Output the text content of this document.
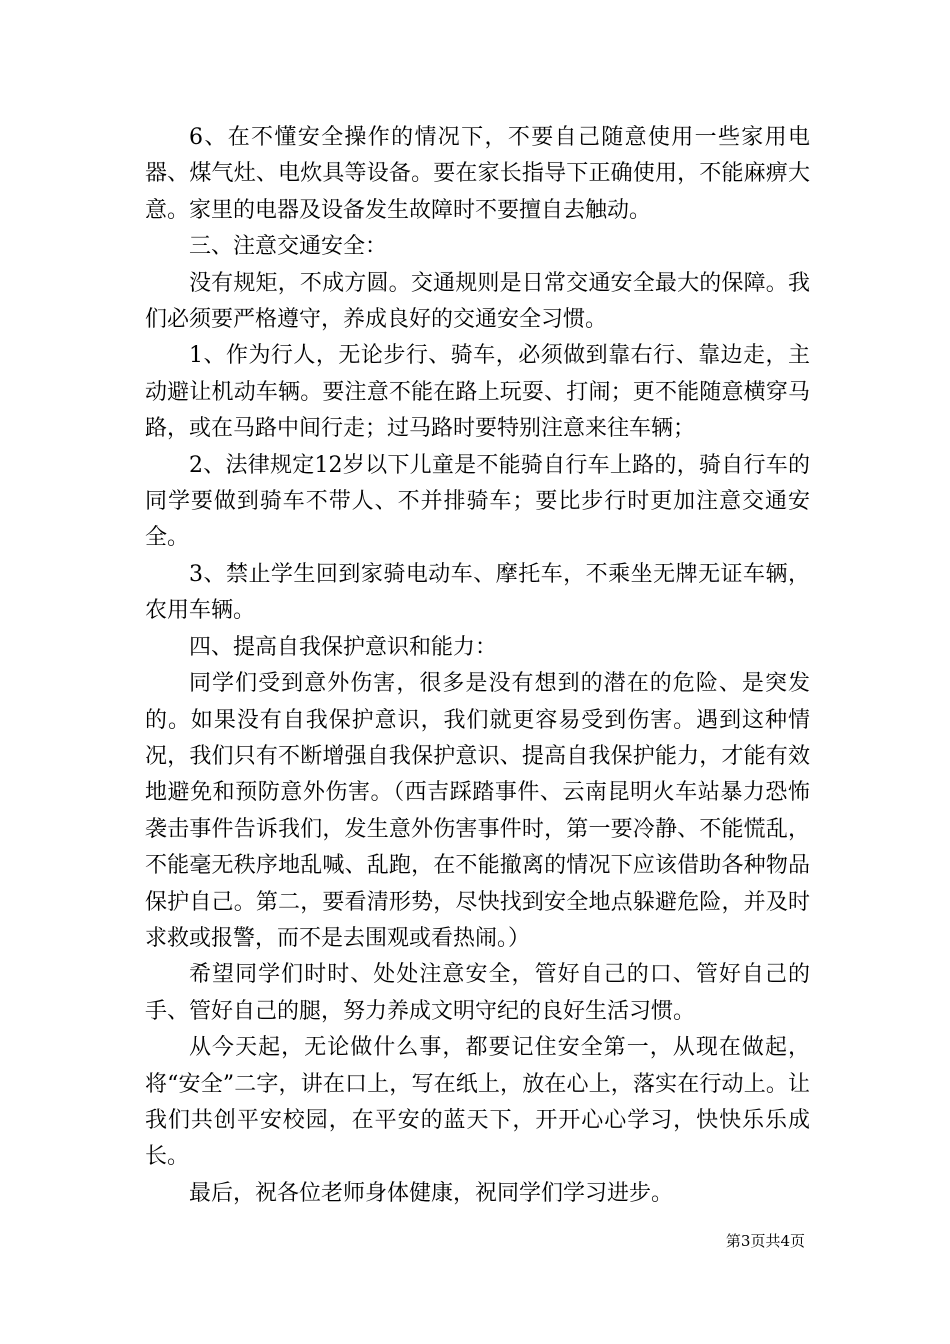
6、在不懂安全操作的情况下，不要自己随意使用一些家用电器、煤气灶、电炊具等设备。要在家长指导下正确使用，不能麻痹大意。家里的电器及设备发生故障时不要擅自去触动。

三、注意交通安全：

没有规矩，不成方圆。交通规则是日常交通安全最大的保障。我们必须要严格遵守，养成良好的交通安全习惯。

1、作为行人，无论步行、骑车，必须做到靠右行、靠边走，主动避让机动车辆。要注意不能在路上玩耍、打闹；更不能随意横穿马路，或在马路中间行走；过马路时要特别注意来往车辆；

2、法律规定12岁以下儿童是不能骑自行车上路的，骑自行车的同学要做到骑车不带人、不并排骑车；要比步行时更加注意交通安全。

3、禁止学生回到家骑电动车、摩托车，不乘坐无牌无证车辆，农用车辆。

四、提高自我保护意识和能力：

同学们受到意外伤害，很多是没有想到的潜在的危险、是突发的。如果没有自我保护意识，我们就更容易受到伤害。遇到这种情况，我们只有不断增强自我保护意识、提高自我保护能力，才能有效地避免和预防意外伤害。（西吉踩踏事件、云南昆明火车站暴力恐怖袭击事件告诉我们，发生意外伤害事件时，第一要冷静、不能慌乱，不能毫无秩序地乱喊、乱跑，在不能撤离的情况下应该借助各种物品保护自己。第二，要看清形势，尽快找到安全地点躲避危险，并及时求救或报警，而不是去围观或看热闹。）

希望同学们时时、处处注意安全，管好自己的口、管好自己的手、管好自己的腿，努力养成文明守纪的良好生活习惯。

从今天起，无论做什么事，都要记住安全第一，从现在做起，将“安全”二字，讲在口上，写在纸上，放在心上，落实在行动上。让我们共创平安校园，在平安的蓝天下，开开心心学习，快快乐乐成长。

最后，祝各位老师身体健康，祝同学们学习进步。

第3页共4页
